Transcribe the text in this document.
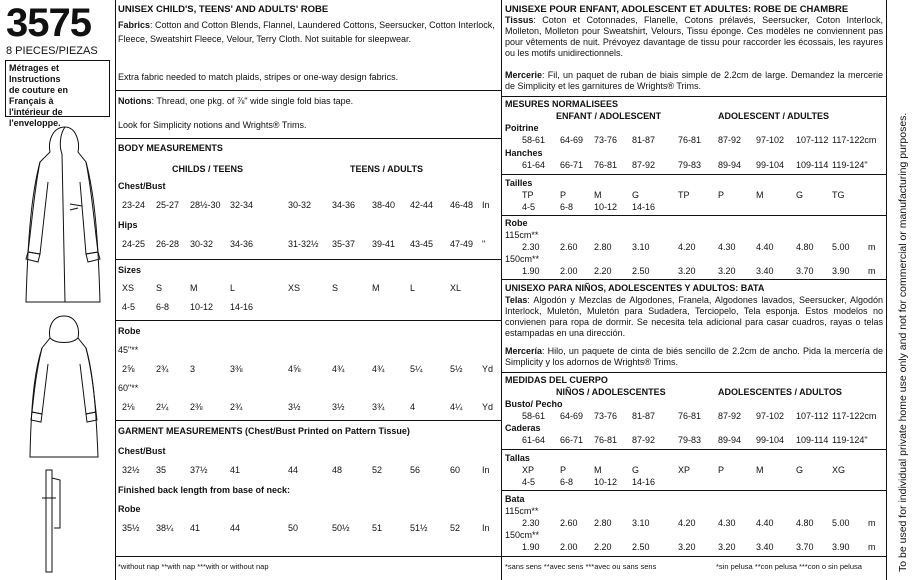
3575
8 PIECES/PIEZAS
Métrages et Instructions
de couture en Français à
l'intérieur de
l'enveloppe.
UNISEX CHILD'S, TEENS' AND ADULTS' ROBE
Fabrics: Cotton and Cotton Blends, Flannel, Laundered Cottons, Seersucker, Cotton Interlock, Fleece, Sweatshirt Fleece, Velour, Terry Cloth. Not suitable for sleepwear.
Extra fabric needed to match plaids, stripes or one-way design fabrics.
Notions: Thread, one pkg. of ⅞" wide single fold bias tape.
Look for Simplicity notions and Wrights® Trims.
BODY MEASUREMENTS
CHILDS / TEENS	TEENS / ADULTS
Chest/Bust
23-24 25-27 28½-30 32-34	30-32 34-36 38-40 42-44 46-48 In
Hips
24-25 26-28 30-32 34-36	31-32½ 35-37 39-41 43-45 47-49 "
Sizes
XS S	M	L	XS	S	M	L	XL
4-5 6-8 10-12 14-16
Robe
45"**
2⅝ 2¾ 3	3⅜	4⅝	4¾	4¾	5¼	5½ Yd
60"**
2⅛ 2¼ 2⅜	2¾	3½	3½	3¾	4	4¼ Yd
GARMENT MEASUREMENTS (Chest/Bust Printed on Pattern Tissue)
Chest/Bust
32½ 35	37½ 41	44	48	52	56	60 In
Finished back length from base of neck:
Robe
35½ 38¼ 41	44	50	50½ 51	51½ 52 In
*without nap **with nap ***with or without nap
UNISEXE POUR ENFANT, ADOLESCENT ET ADULTES: ROBE DE CHAMBRE
Tissus: Coton et Cotonnades, Flanelle, Cotons prélavés, Seersucker, Coton Interlock, Molleton, Molleton pour Sweatshirt, Velours, Tissu éponge. Ces modèles ne conviennent pas pour vêtements de nuit. Prévoyez davantage de tissu pour raccorder les écossais, les rayures ou les motifs unidirectionnels.
Mercerie: Fil, un paquet de ruban de biais simple de 2.2cm de large. Demandez la mercerie de Simplicity et les garnitures de Wrights® Trims.
MESURES NORMALISEES
ENFANT / ADOLESCENT	ADOLESCENT / ADULTES
Poitrine
58-61 64-69 73-76 81-87	76-81 87-92 97-102 107-112 117-122cm
Hanches
61-64 66-71 76-81 87-92	79-83 89-94 99-104 109-114 119-124"
Tailles
TP	P	M	G	TP	P	M	G	TG
4-5	6-8 10-12 14-16
Robe
115cm**
2.30 2.60 2.80 3.10	4.20 4.30 4.40 4.80 5.00 m
150cm**
1.90 2.00 2.20 2.50	3.20 3.20 3.40 3.70 3.90 m
UNISEXO PARA NIÑOS, ADOLESCENTES Y ADULTOS: BATA
Telas: Algodón y Mezclas de Algodones, Franela, Algodones lavados, Seersucker, Algodón Interlock, Muletón, Muletón para Sudadera, Terciopelo, Tela esponja. Estos modelos no convienen para ropa de dormir. Se necesita tela adicional para casar cuadros, rayas o telas estampadas en una dirección.
Mercería: Hilo, un paquete de cinta de biés sencillo de 2.2cm de ancho. Pida la mercería de Simplicity y los adornos de Wrights® Trims.
MEDIDAS DEL CUERPO
NIÑOS / ADOLESCENTES	ADOLESCENTES / ADULTOS
Busto/ Pecho
58-61 64-69 73-76 81-87	76-81 87-92 97-102 107-112 117-122cm
Caderas
61-64 66-71 76-81 87-92	79-83 89-94 99-104 109-114 119-124"
Tallas
XP	P	M	G	XP	P	M	G	XG
4-5	6-8 10-12 14-16
Bata
115cm**
2.30 2.60 2.80 3.10	4.20 4.30 4.40 4.80 5.00 m
150cm**
1.90 2.00 2.20 2.50	3.20 3.20 3.40 3.70 3.90 m
*sans sens **avec sens ***avec ou sans sens	*sin pelusa **con pelusa ***con o sin pelusa	To be used for individual private home use only and not for commercial or manufacturing purposes.
